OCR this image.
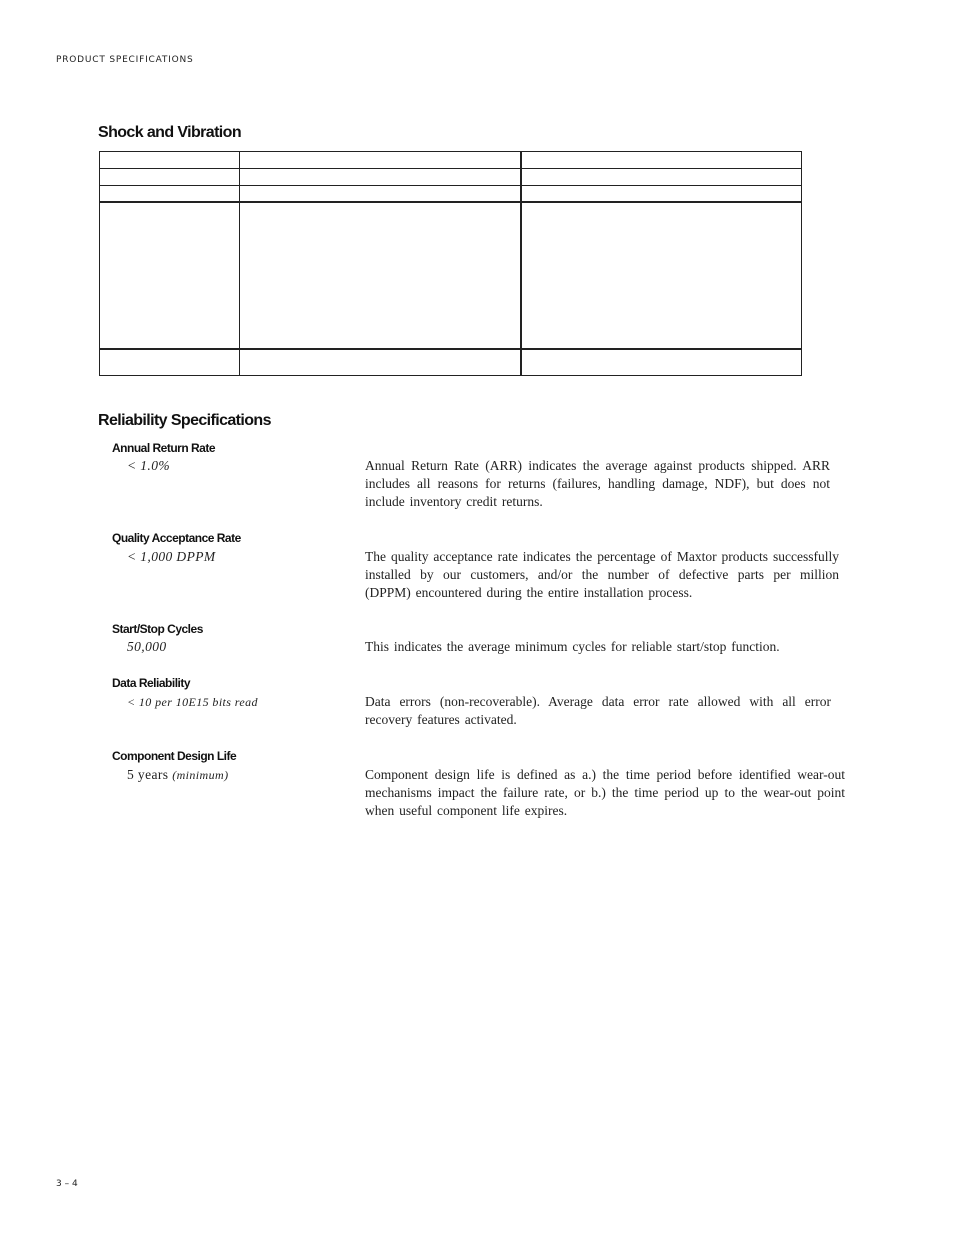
PRODUCT SPECIFICATIONS
Shock and Vibration

Reliability Specifications
Annual Return Rate
< 1.0%	Annual Return Rate (ARR) indicates the average against products shipped. ARR includes all reasons for returns (failures, handling damage, NDF), but does not include inventory credit returns.
Quality Acceptance Rate
< 1,000 DPPM	The quality acceptance rate indicates the percentage of Maxtor products successfully installed by our customers, and/or the number of defective parts per million (DPPM) encountered during the entire installation process.
Start/Stop Cycles
50,000	This indicates the average minimum cycles for reliable start/stop function.
Data Reliability
< 10 per 10E15 bits read	Data errors (non-recoverable). Average data error rate allowed with all error recovery features activated.
Component Design Life
5 years (minimum)	Component design life is defined as a.) the time period before identified wear-out mechanisms impact the failure rate, or b.) the time period up to the wear-out point when useful component life expires.
3 – 4
